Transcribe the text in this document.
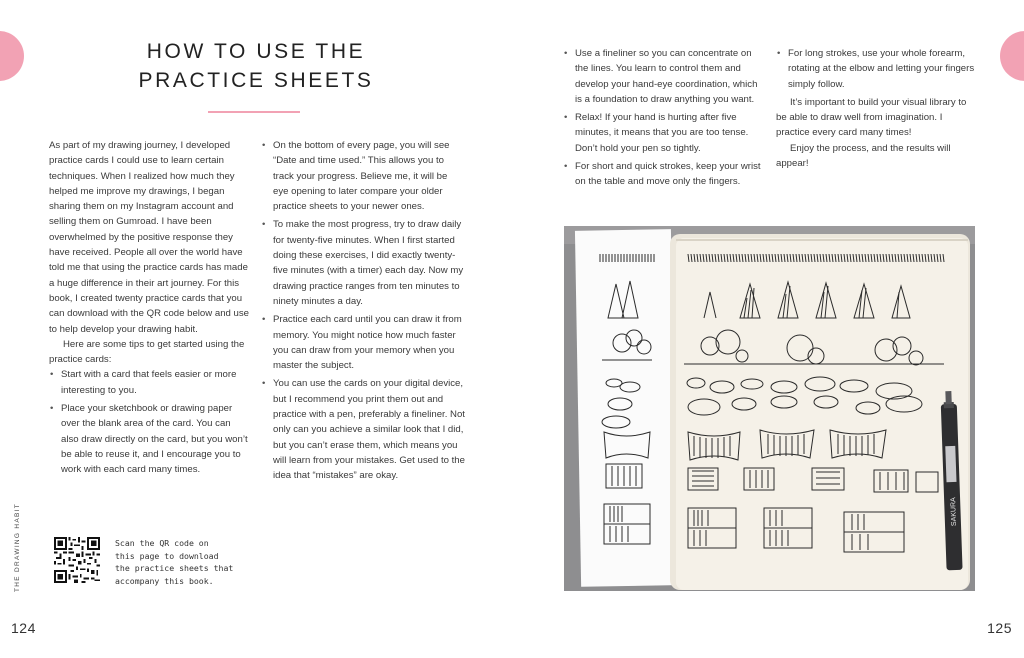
HOW TO USE THE
PRACTICE SHEETS

As part of my drawing journey, I developed practice cards I could use to learn certain techniques. When I realized how much they helped me improve my drawings, I began sharing them on my Instagram account and selling them on Gumroad. I have been overwhelmed by the positive response they have received. People all over the world have told me that using the practice cards has made a huge difference in their art journey. For this book, I created twenty practice cards that you can download with the QR code below and use to help develop your drawing habit.

Here are some tips to get started using the practice cards:

• Start with a card that feels easier or more interesting to you.
• Place your sketchbook or drawing paper over the blank area of the card. You can also draw directly on the card, but you won’t be able to reuse it, and I encourage you to work with each card many times.
• On the bottom of every page, you will see “Date and time used.” This allows you to track your progress. Believe me, it will be eye opening to later compare your older practice sheets to your newer ones.
• To make the most progress, try to draw daily for twenty-five minutes. When I first started doing these exercises, I did exactly twenty-five minutes (with a timer) each day. Now my drawing practice ranges from ten minutes to ninety minutes a day.
• Practice each card until you can draw it from memory. You might notice how much faster you can draw from your memory when you master the subject.
• You can use the cards on your digital device, but I recommend you print them out and practice with a pen, preferably a fineliner. Not only can you achieve a similar look that I did, but you can’t erase them, which means you will learn from your mistakes. Get used to the idea that “mistakes” are okay.

Scan the QR code on
this page to download
the practice sheets that
accompany this book.

THE DRAWING HABIT

124

• Use a fineliner so you can concentrate on the lines. You learn to control them and develop your hand-eye coordination, which is a foundation to draw anything you want.
• Relax! If your hand is hurting after five minutes, it means that you are too tense. Don’t hold your pen so tightly.
• For short and quick strokes, keep your wrist on the table and move only the fingers.
• For long strokes, use your whole forearm, rotating at the elbow and letting your fingers simply follow.

It’s important to build your visual library to be able to draw well from imagination. I practice every card many times!

Enjoy the process, and the results will appear!

SAKURA

125
